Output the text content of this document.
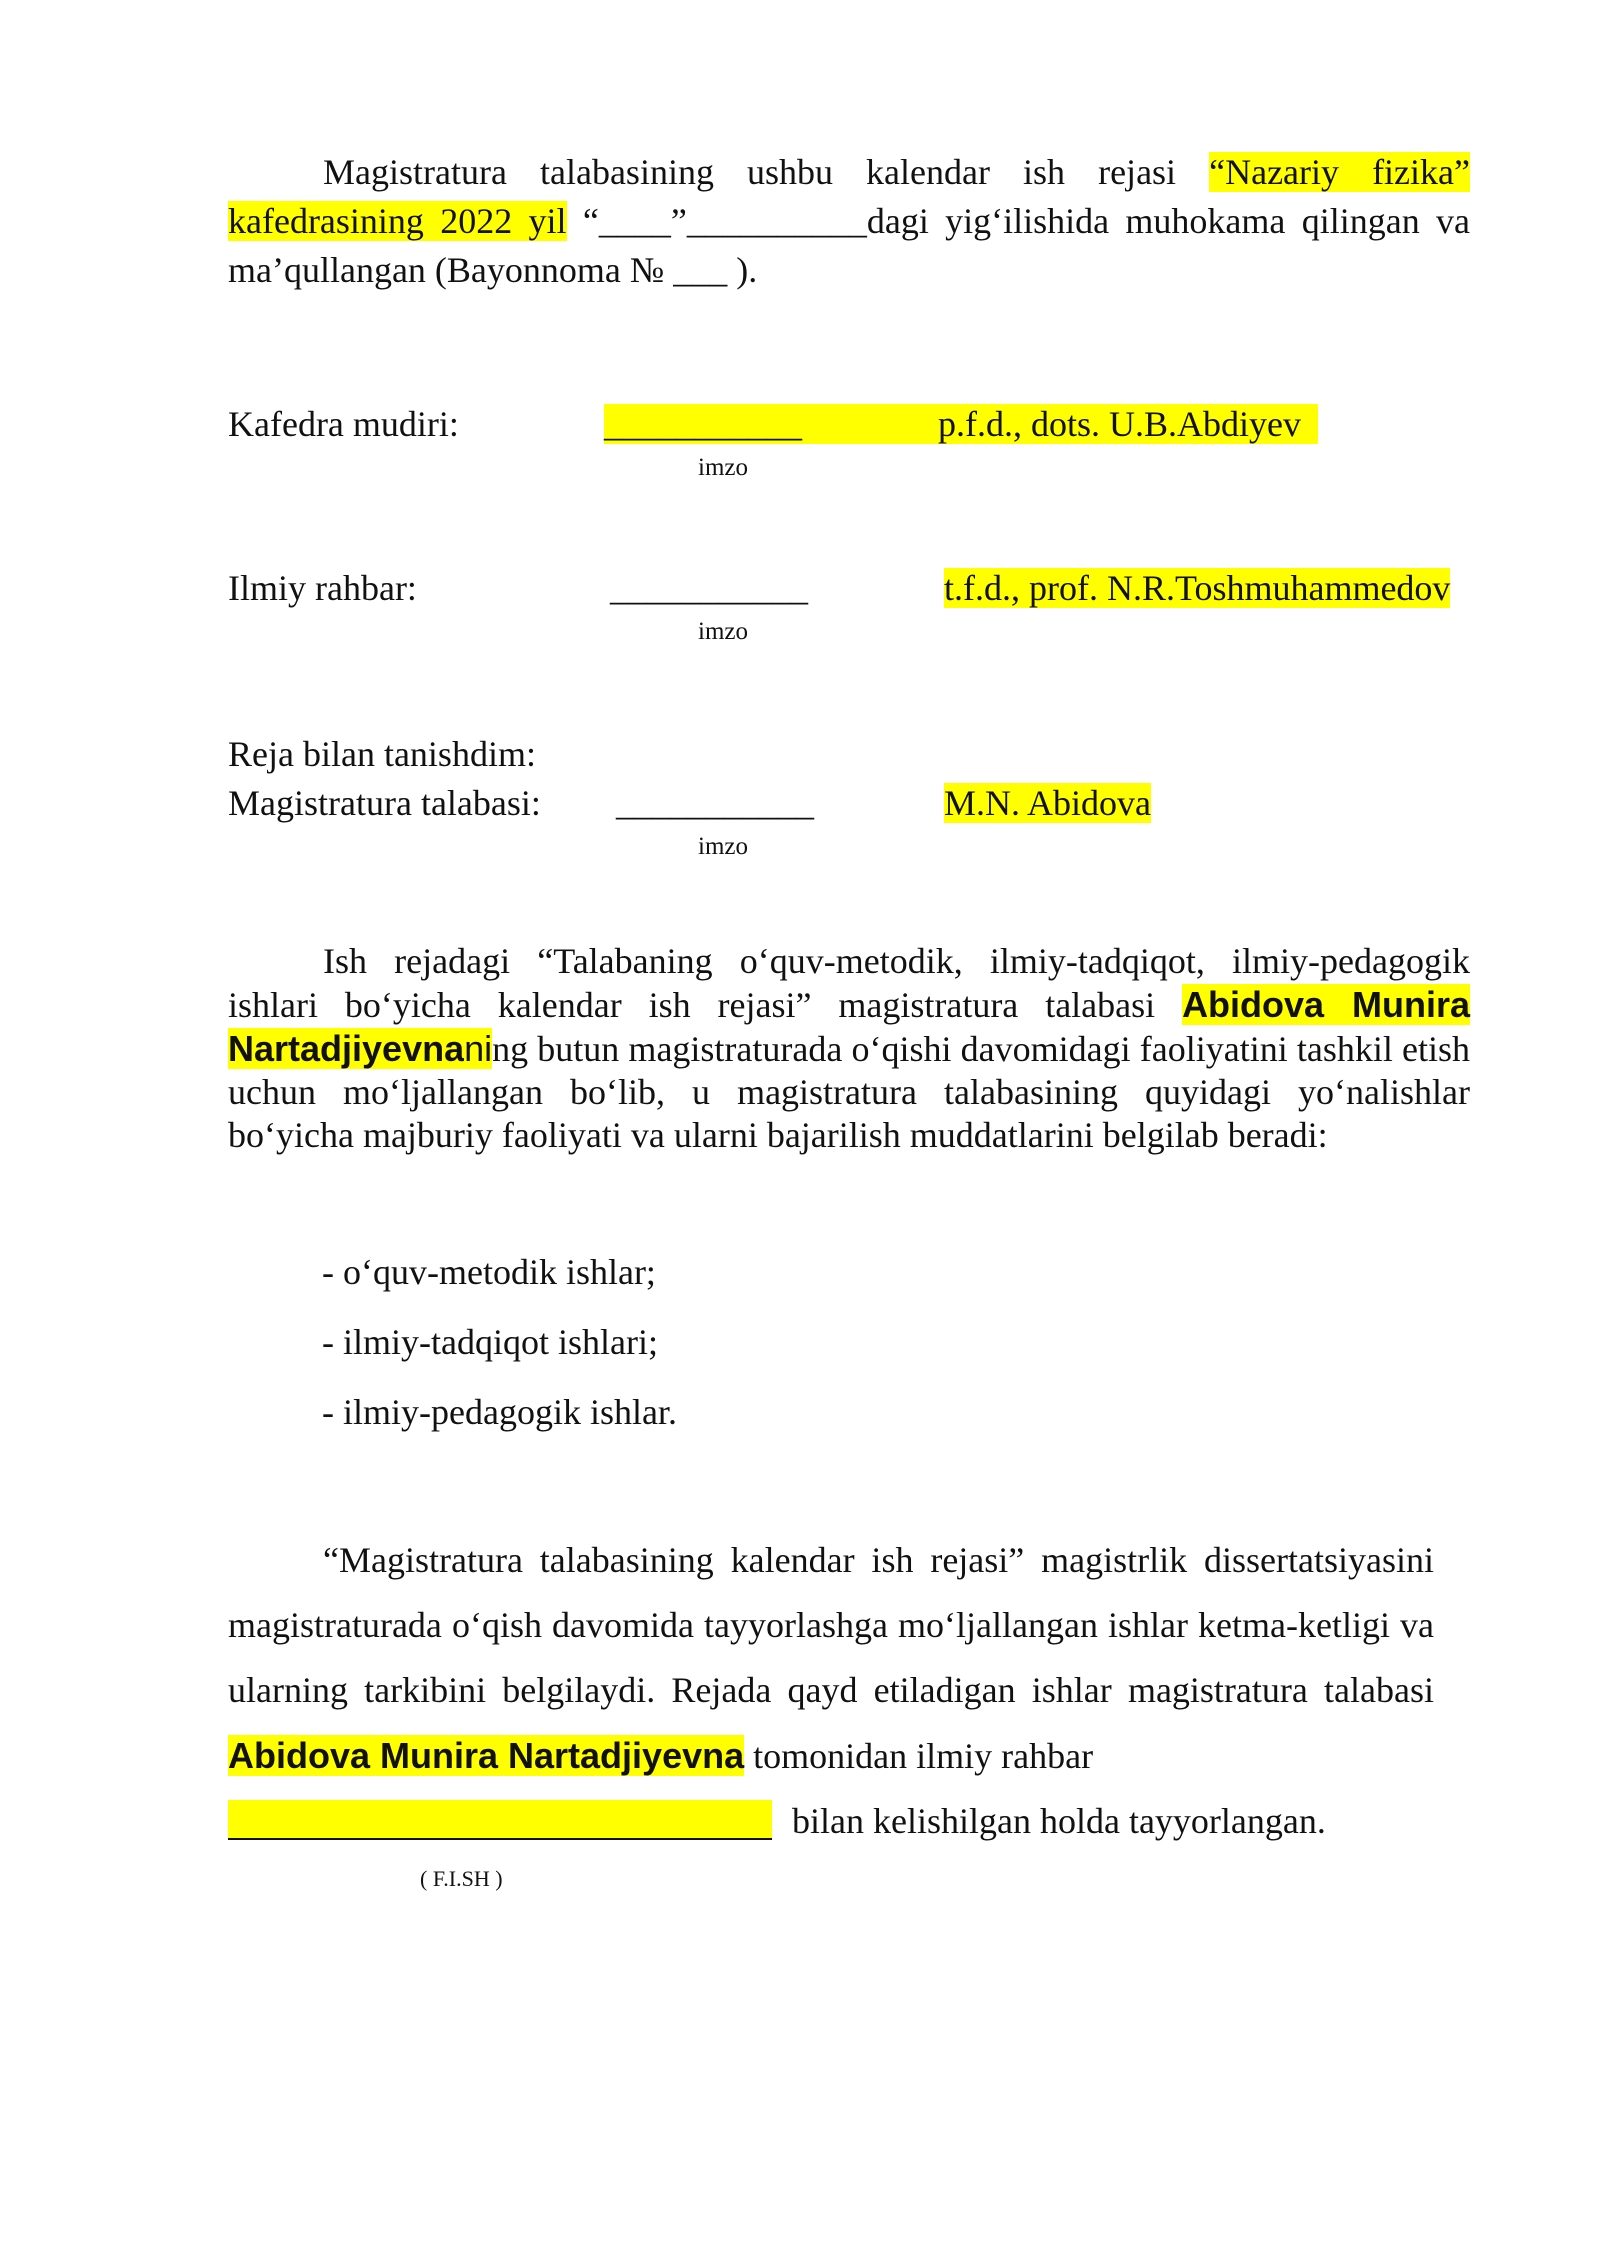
Magistratura talabasining ushbu kalendar ish rejasi “Nazariy fizika” kafedrasining 2022 yil “____”__________dagi yig‘ilishida muhokama qilingan va ma’qullangan (Bayonnoma № ___ ).
Kafedra mudiri:	___________	p.f.d., dots. U.B.Abdiyev
imzo
Ilmiy rahbar:	___________	t.f.d., prof. N.R.Toshmuhammedov
imzo
Reja bilan tanishdim:
Magistratura talabasi: ___________	M.N. Abidova
imzo
Ish rejadagi “Talabaning o‘quv-metodik, ilmiy-tadqiqot, ilmiy-pedagogik ishlari bo‘yicha kalendar ish rejasi” magistratura talabasi Abidova Munira Nartadjiyevnaning butun magistraturada o‘qishi davomidagi faoliyatini tashkil etish uchun mo‘ljallangan bo‘lib, u magistratura talabasining quyidagi yo‘nalishlar bo‘yicha majburiy faoliyati va ularni bajarilish muddatlarini belgilab beradi:
- o‘quv-metodik ishlar;
- ilmiy-tadqiqot ishlari;
- ilmiy-pedagogik ishlar.
“Magistratura talabasining kalendar ish rejasi” magistrlik dissertatsiyasini magistraturada o‘qish davomida tayyorlashga mo‘ljallangan ishlar ketma-ketligi va ularning tarkibini belgilaydi. Rejada qayd etiladigan ishlar magistratura talabasi Abidova Munira Nartadjiyevna tomonidan ilmiy rahbar
bilan kelishilgan holda tayyorlangan.
( F.I.SH )
